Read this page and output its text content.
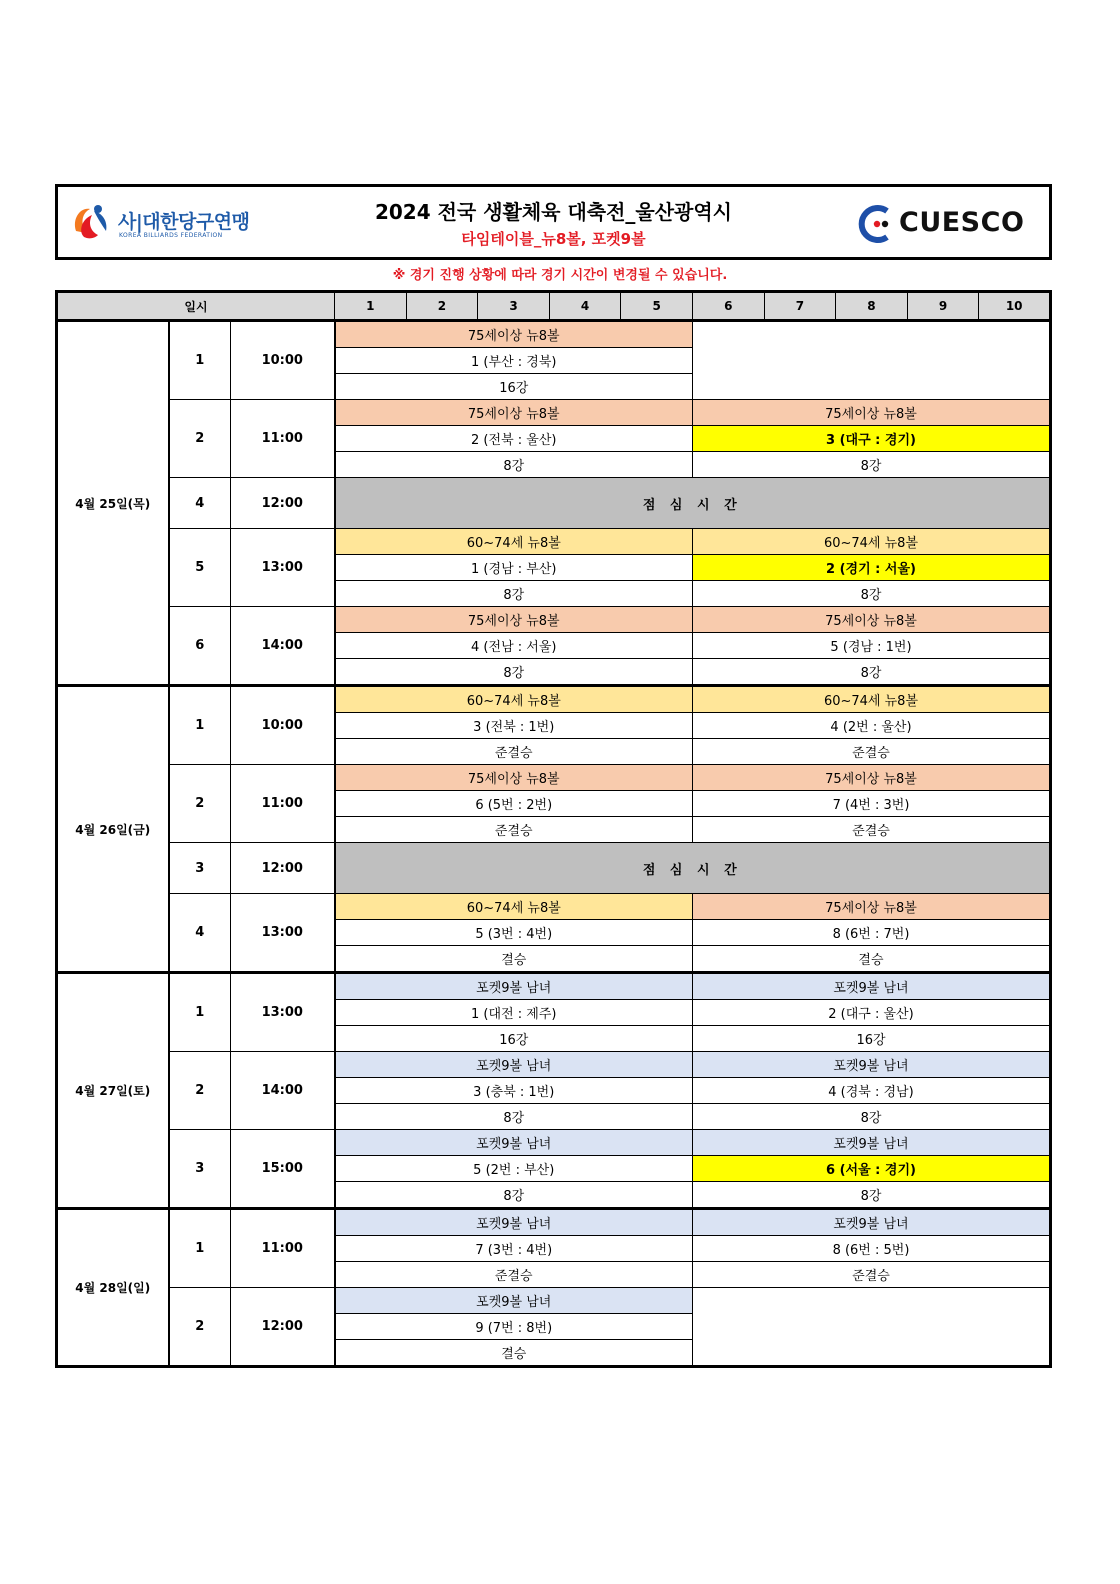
사|대한당구연맹
KOREA BILLIARDS FEDERATION
2024 전국 생활체육 대축전_울산광역시
타임테이블_뉴8볼, 포켓9볼
CUESCO
※ 경기 진행 상황에 따라 경기 시간이 변경될 수 있습니다.
일시			1	2	3	4	5	6	7	8	9	10
4월 25일(목)	1	10:00	75세이상 뉴8볼									
			1 (부산 : 경북)									
			16강									
	2	11:00	75세이상 뉴8볼					75세이상 뉴8볼				
			2 (전북 : 울산)					3 (대구 : 경기)				
			8강					8강				
	4	12:00	점 심 시 간									
	5	13:00	60~74세 뉴8볼					60~74세 뉴8볼				
			1 (경남 : 부산)					2 (경기 : 서울)				
			8강					8강				
	6	14:00	75세이상 뉴8볼					75세이상 뉴8볼				
			4 (전남 : 서울)					5 (경남 : 1번)				
			8강					8강				
4월 26일(금)	1	10:00	60~74세 뉴8볼					60~74세 뉴8볼				
			3 (전북 : 1번)					4 (2번 : 울산)				
			준결승					준결승				
	2	11:00	75세이상 뉴8볼					75세이상 뉴8볼				
			6 (5번 : 2번)					7 (4번 : 3번)				
			준결승					준결승				
	3	12:00	점 심 시 간									
	4	13:00	60~74세 뉴8볼					75세이상 뉴8볼				
			5 (3번 : 4번)					8 (6번 : 7번)				
			결승					결승				
4월 27일(토)	1	13:00	포켓9볼 남녀					포켓9볼 남녀				
			1 (대전 : 제주)					2 (대구 : 울산)				
			16강					16강				
	2	14:00	포켓9볼 남녀					포켓9볼 남녀				
			3 (충북 : 1번)					4 (경북 : 경남)				
			8강					8강				
	3	15:00	포켓9볼 남녀					포켓9볼 남녀				
			5 (2번 : 부산)					6 (서울 : 경기)				
			8강					8강				
4월 28일(일)	1	11:00	포켓9볼 남녀					포켓9볼 남녀				
			7 (3번 : 4번)					8 (6번 : 5번)				
			준결승					준결승				
	2	12:00	포켓9볼 남녀									
			9 (7번 : 8번)									
			결승									
